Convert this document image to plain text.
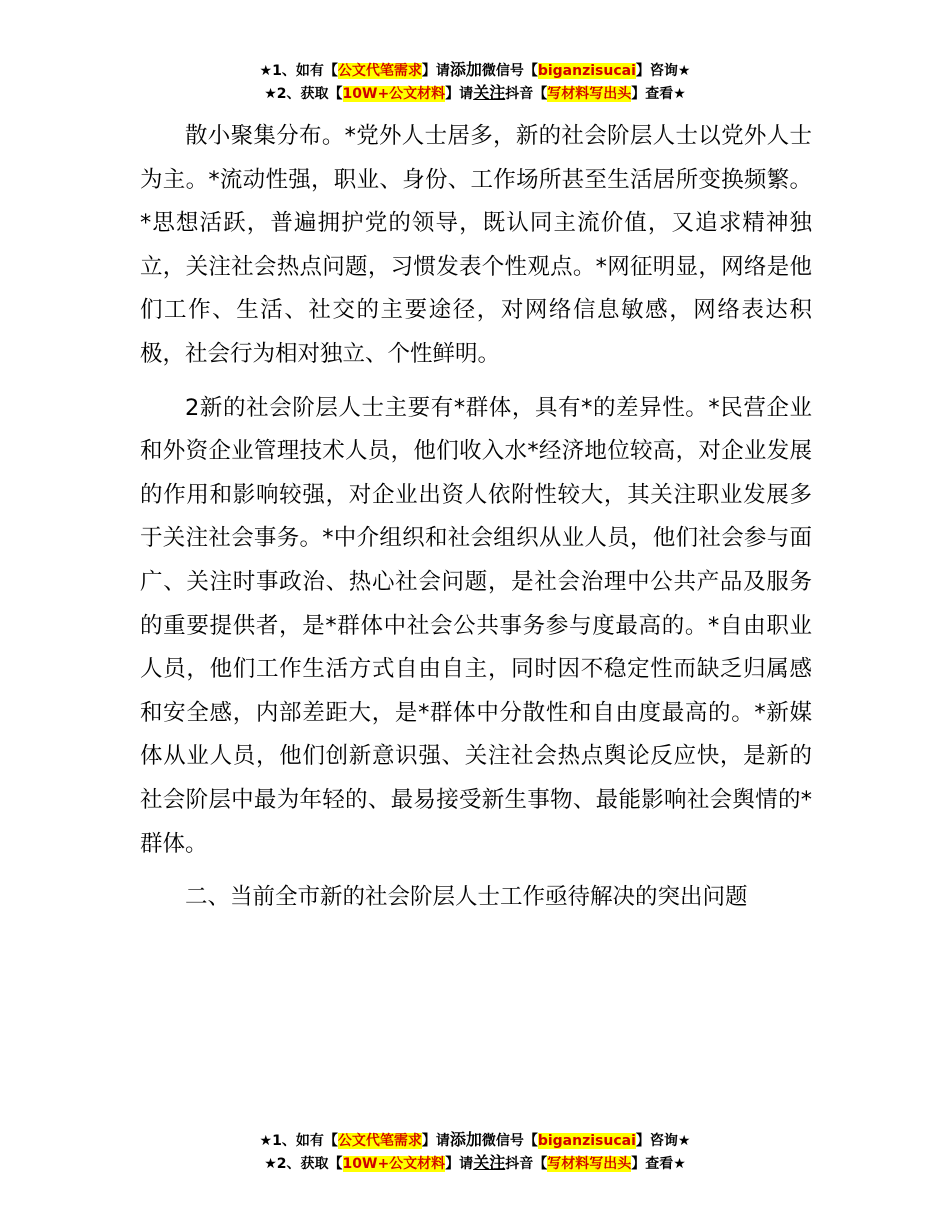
★1、如有【公文代笔需求】请添加微信号【biganzisucai】咨询★
★2、获取【10W+公文材料】请关注抖音【写材料写出头】查看★

散小聚集分布。*党外人士居多，新的社会阶层人士以党外人士为主。*流动性强，职业、身份、工作场所甚至生活居所变换频繁。*思想活跃，普遍拥护党的领导，既认同主流价值，又追求精神独立，关注社会热点问题，习惯发表个性观点。*网征明显，网络是他们工作、生活、社交的主要途径，对网络信息敏感，网络表达积极，社会行为相对独立、个性鲜明。

2新的社会阶层人士主要有*群体，具有*的差异性。*民营企业和外资企业管理技术人员，他们收入水*经济地位较高，对企业发展的作用和影响较强，对企业出资人依附性较大，其关注职业发展多于关注社会事务。*中介组织和社会组织从业人员，他们社会参与面广、关注时事政治、热心社会问题，是社会治理中公共产品及服务的重要提供者，是*群体中社会公共事务参与度最高的。*自由职业人员，他们工作生活方式自由自主，同时因不稳定性而缺乏归属感和安全感，内部差距大，是*群体中分散性和自由度最高的。*新媒体从业人员，他们创新意识强、关注社会热点舆论反应快，是新的社会阶层中最为年轻的、最易接受新生事物、最能影响社会舆情的*群体。

二、当前全市新的社会阶层人士工作亟待解决的突出问题

★1、如有【公文代笔需求】请添加微信号【biganzisucai】咨询★
★2、获取【10W+公文材料】请关注抖音【写材料写出头】查看★
